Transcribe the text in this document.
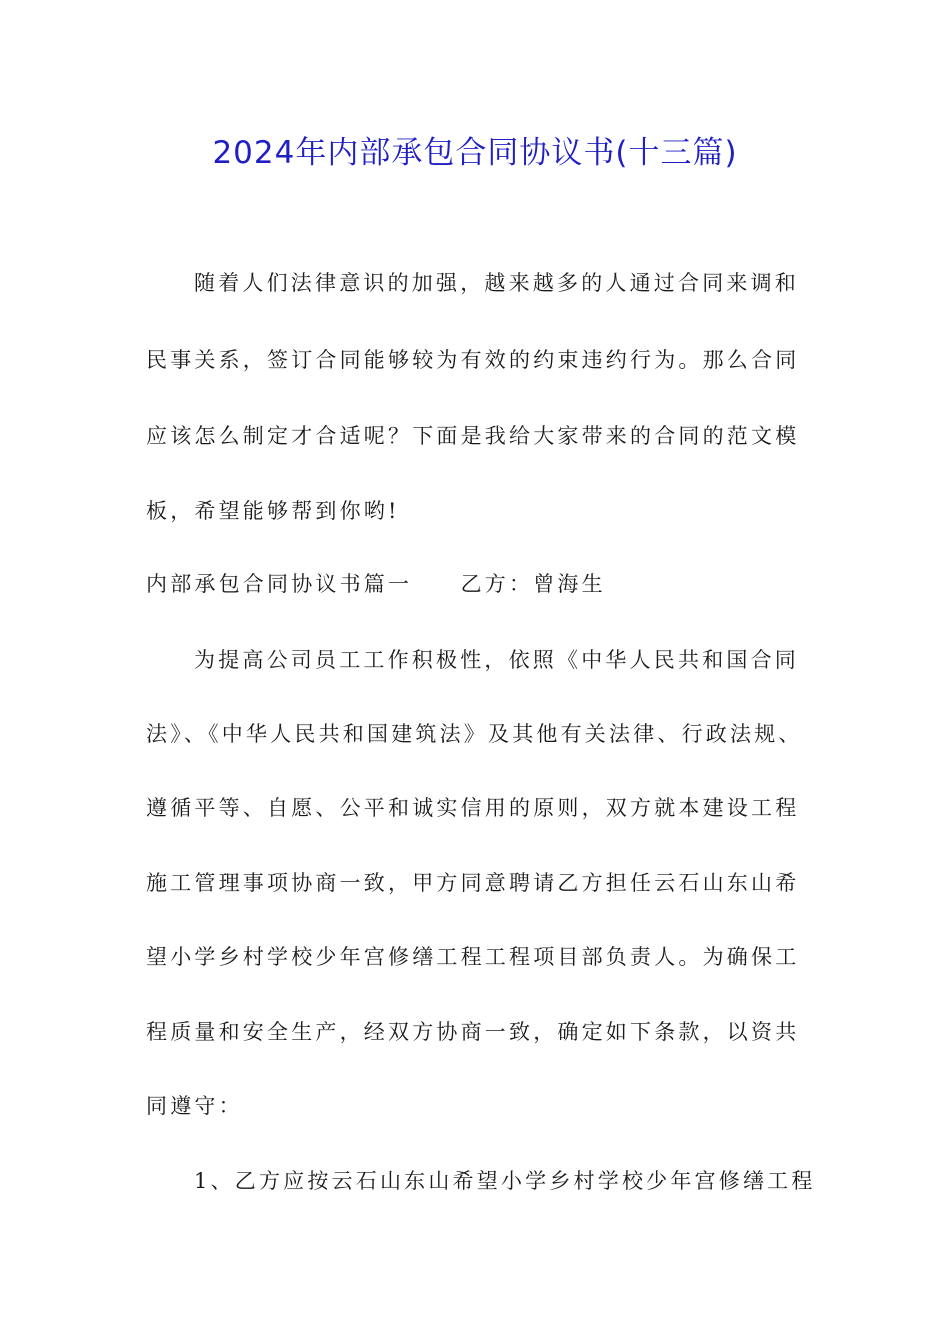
2024年内部承包合同协议书(十三篇)

随着人们法律意识的加强，越来越多的人通过合同来调和

民事关系，签订合同能够较为有效的约束违约行为。那么合同

应该怎么制定才合适呢？下面是我给大家带来的合同的范文模

板，希望能够帮到你哟!

内部承包合同协议书篇一　　乙方：曾海生

为提高公司员工工作积极性，依照《中华人民共和国合同

法》、《中华人民共和国建筑法》及其他有关法律、行政法规、

遵循平等、自愿、公平和诚实信用的原则，双方就本建设工程

施工管理事项协商一致，甲方同意聘请乙方担任云石山东山希

望小学乡村学校少年宫修缮工程工程项目部负责人。为确保工

程质量和安全生产，经双方协商一致，确定如下条款，以资共

同遵守：

1、乙方应按云石山东山希望小学乡村学校少年宫修缮工程
